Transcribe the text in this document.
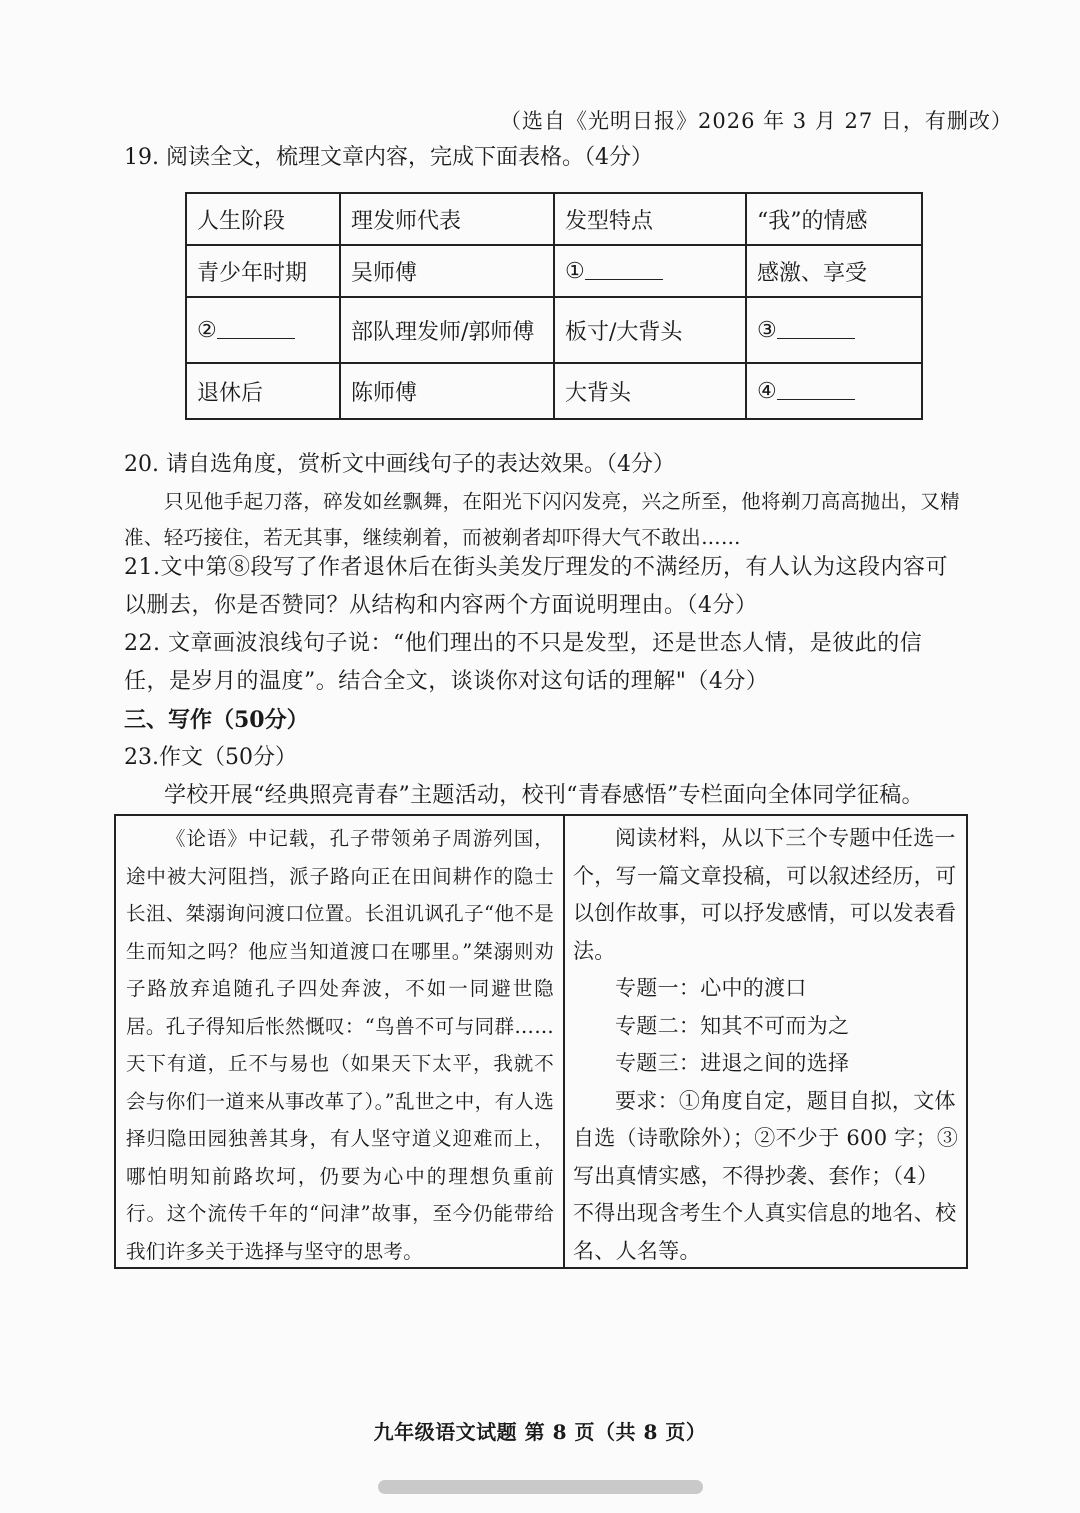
（选自《光明日报》2026 年 3 月 27 日，有删改）
19. 阅读全文，梳理文章内容，完成下面表格。（4分）
人生阶段	理发师代表	发型特点	“我”的情感
青少年时期	吴师傅	①	感激、享受
②	部队理发师/郭师傅	板寸/大背头	③
退休后	陈师傅	大背头	④
20. 请自选角度，赏析文中画线句子的表达效果。（4分）
只见他手起刀落，碎发如丝飘舞，在阳光下闪闪发亮，兴之所至，他将剃刀高高抛出，又精准、轻巧接住，若无其事，继续剃着，而被剃者却吓得大气不敢出……
21.文中第⑧段写了作者退休后在街头美发厅理发的不满经历，有人认为这段内容可以删去，你是否赞同？从结构和内容两个方面说明理由。（4分）
22. 文章画波浪线句子说：“他们理出的不只是发型，还是世态人情，是彼此的信任，是岁月的温度”。结合全文，谈谈你对这句话的理解"（4分）
三、写作（50分）
23.作文（50分）
学校开展“经典照亮青春”主题活动，校刊“青春感悟”专栏面向全体同学征稿。
《论语》中记载，孔子带领弟子周游列国，途中被大河阻挡，派子路向正在田间耕作的隐士长沮、桀溺询问渡口位置。长沮讥讽孔子“他不是生而知之吗？他应当知道渡口在哪里。”桀溺则劝子路放弃追随孔子四处奔波，不如一同避世隐居。孔子得知后怅然慨叹：“鸟兽不可与同群……天下有道，丘不与易也（如果天下太平，我就不会与你们一道来从事改革了）。”乱世之中，有人选择归隐田园独善其身，有人坚守道义迎难而上，哪怕明知前路坎坷，仍要为心中的理想负重前行。这个流传千年的“问津”故事，至今仍能带给我们许多关于选择与坚守的思考。

阅读材料，从以下三个专题中任选一个，写一篇文章投稿，可以叙述经历，可以创作故事，可以抒发感情，可以发表看法。

专题一：心中的渡口

专题二：知其不可而为之

专题三：进退之间的选择

要求：①角度自定，题目自拟，文体自选（诗歌除外）；②不少于 600 字；③写出真情实感，不得抄袭、套作；（4）不得出现含考生个人真实信息的地名、校名、人名等。

九年级语文试题 第 8 页（共 8 页）
